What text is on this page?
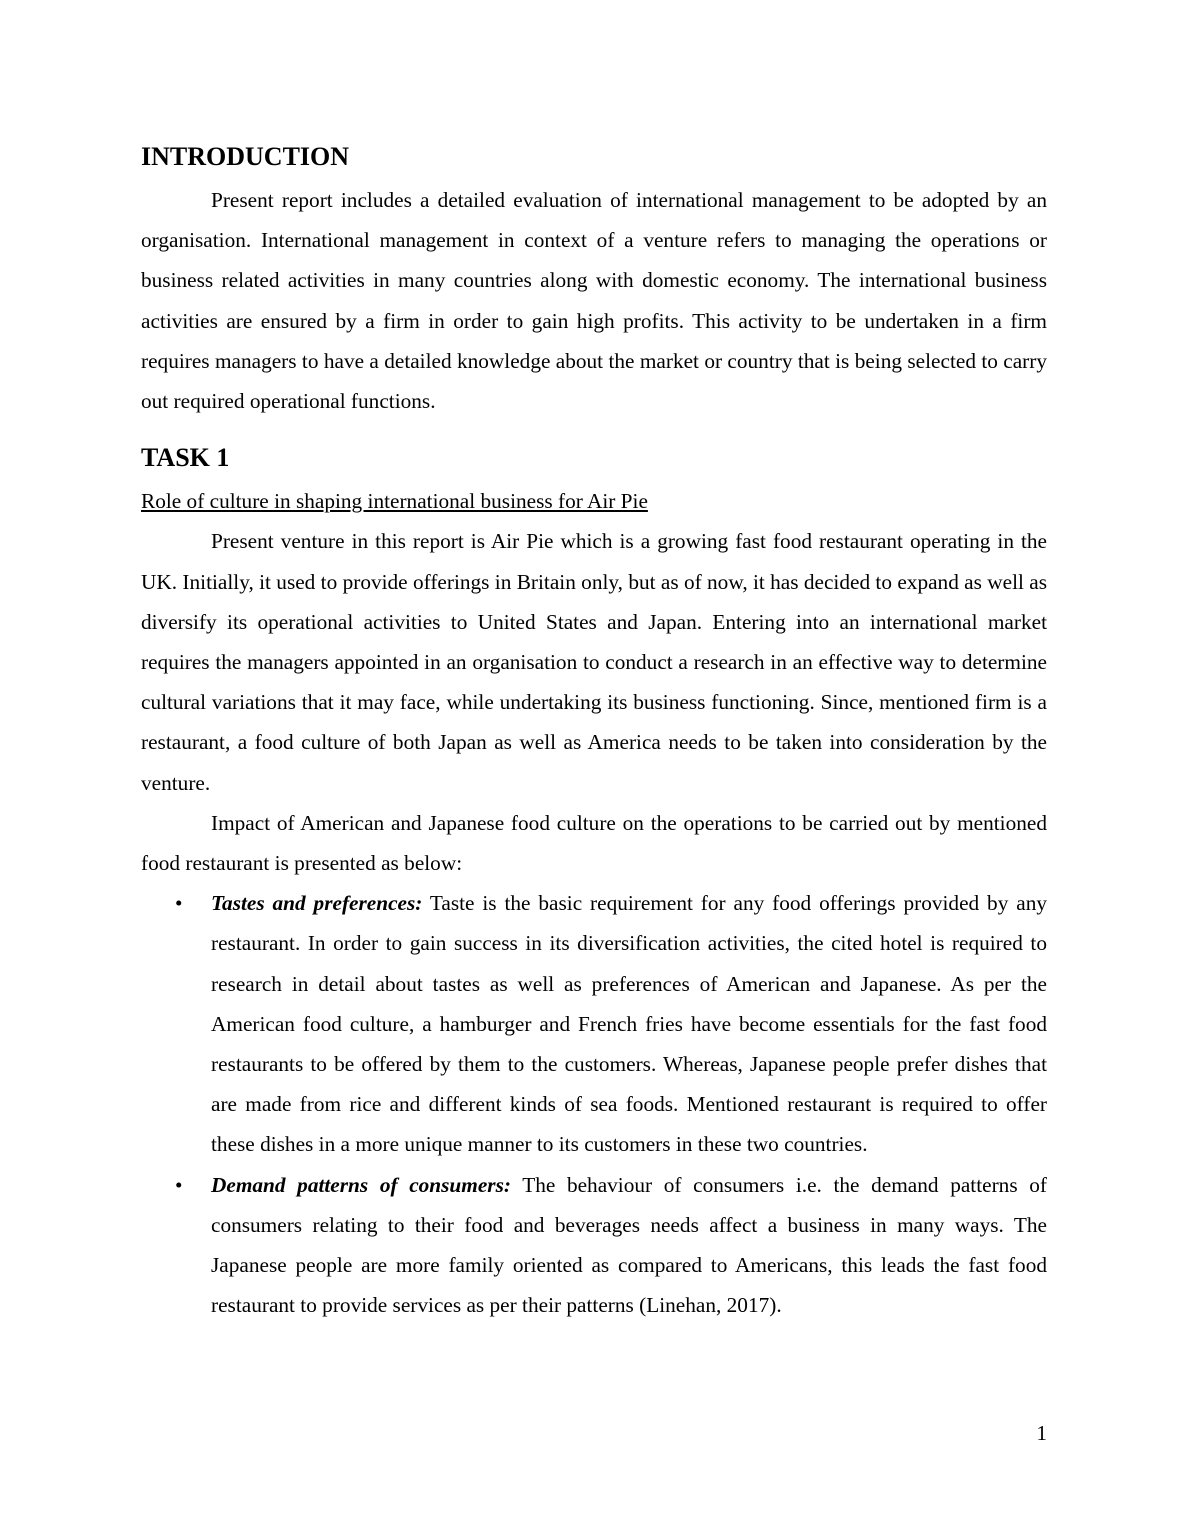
INTRODUCTION

Present report includes a detailed evaluation of international management to be adopted by an organisation. International management in context of a venture refers to managing the operations or business related activities in many countries along with domestic economy. The international business activities are ensured by a firm in order to gain high profits. This activity to be undertaken in a firm requires managers to have a detailed knowledge about the market or country that is being selected to carry out required operational functions.

TASK 1

Role of culture in shaping international business for Air Pie

Present venture in this report is Air Pie which is a growing fast food restaurant operating in the UK. Initially, it used to provide offerings in Britain only, but as of now, it has decided to expand as well as diversify its operational activities to United States and Japan. Entering into an international market requires the managers appointed in an organisation to conduct a research in an effective way to determine cultural variations that it may face, while undertaking its business functioning. Since, mentioned firm is a restaurant, a food culture of both Japan as well as America needs to be taken into consideration by the venture.

Impact of American and Japanese food culture on the operations to be carried out by mentioned food restaurant is presented as below:

• Tastes and preferences: Taste is the basic requirement for any food offerings provided by any restaurant. In order to gain success in its diversification activities, the cited hotel is required to research in detail about tastes as well as preferences of American and Japanese. As per the American food culture, a hamburger and French fries have become essentials for the fast food restaurants to be offered by them to the customers. Whereas, Japanese people prefer dishes that are made from rice and different kinds of sea foods. Mentioned restaurant is required to offer these dishes in a more unique manner to its customers in these two countries.
• Demand patterns of consumers: The behaviour of consumers i.e. the demand patterns of consumers relating to their food and beverages needs affect a business in many ways. The Japanese people are more family oriented as compared to Americans, this leads the fast food restaurant to provide services as per their patterns (Linehan, 2017).
1
